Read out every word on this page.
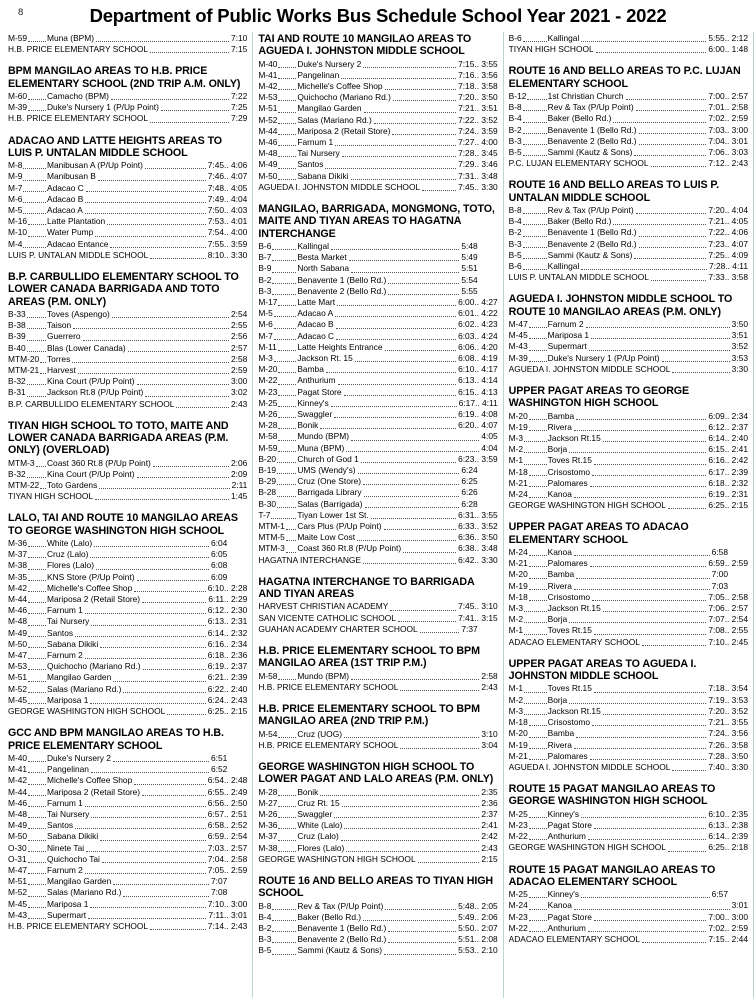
8	Department of Public Works Bus Schedule School Year 2021 - 2022
M-59 Muna (BPM)	7:10
H.B. PRICE ELEMENTARY SCHOOL	7:15
BPM MANGILAO AREAS TO H.B. PRICE ELEMENTARY SCHOOL (2ND TRIP A.M. ONLY)
M-60 Camacho (BPM)	7:22
M-39 Duke's Nursery 1 (P/Up Point)	7:25
H.B. PRICE ELEMENTARY SCHOOL	7:29
ADACAO AND LATTE HEIGHTS AREAS TO LUIS P. UNTALAN MIDDLE SCHOOL
M-8	Manibusan A (P/Up Point)	7:45.. 4:06
M-9	Manibusan B	7:46.. 4:07
M-7	Adacao C	7:48.. 4:05
M-6	Adacao B	7:49.. 4:04
M-5	Adacao A	7:50.. 4:03
M-16 Latte Plantation	7:53.. 4:01
M-10 Water Pump	7:54.. 4:00
M-4	Adacao Entance	7:55.. 3:59
LUIS P. UNTALAN MIDDLE SCHOOL	8:10.. 3:30
B.P. CARBULLIDO ELEMENTARY SCHOOL TO LOWER CANADA BARRIGADA AND TOTO AREAS (P.M. ONLY)
B-33	Toves (Aspengo)	2:54
B-38	Taison	2:55
B-39	Guerrero	2:56
B-40	Blas (Lower Canada)	2:57
MTM-20 Torres	2:58
MTM-21 Harvest	2:59
B-32	Kina Court (P/Up Point)	3:00
B-31	Jackson Rt.8 (P/Up Point)	3:02
B.P. CARBULLIDO ELEMENTARY SCHOOL	2:43
TIYAN HIGH SCHOOL TO TOTO, MAITE AND LOWER CANADA BARRIGADA AREAS (P.M. ONLY) (OVERLOAD)
MTM-3 Coast 360 Rt.8 (P/Up Point)	2:06
B-32	Kina Court (P/Up Point)	2:09
MTM-22 Toto Gardens	2:11
TIYAN HIGH SCHOOL	1:45
LALO, TAI AND ROUTE 10 MANGILAO AREAS TO GEORGE WASHINGTON HIGH SCHOOL
M-36 White (Lalo)	6:04
M-37 Cruz (Lalo)	6:05
M-38 Flores (Lalo)	6:08
M-35 KNS Store (P/Up Point)	6:09
M-42 Michelle's Coffee Shop	6:10.. 2:28
M-44 Mariposa 2 (Retail Store)	6:11.. 2:29
M-46 Farnum 1	6:12.. 2:30
M-48 Tai Nursery	6:13.. 2:31
M-49 Santos	6:14.. 2:32
M-50 Sabana Dikiki	6:16.. 2:34
M-47 Farnum 2	6:18.. 2:36
M-53 Quichocho (Mariano Rd.)	6:19.. 2:37
M-51 Mangilao Garden	6:21.. 2:39
M-52 Salas (Mariano Rd.)	6:22.. 2:40
M-45 Mariposa 1	6:24.. 2:43
GEORGE WASHINGTON HIGH SCHOOL	6:25.. 2:15
GCC AND BPM MANGILAO AREAS TO H.B. PRICE ELEMENTARY SCHOOL
M-40 Duke's Nursery 2	6:51
M-41 Pangelinan	6:52
M-42 Michelle's Coffee Shop	6:54.. 2:48
M-44 Mariposa 2 (Retail Store)	6:55.. 2:49
M-46 Farnum 1	6:56.. 2:50
M-48 Tai Nursery	6:57.. 2:51
M-49 Santos	6:58.. 2:52
M-50 Sabana Dikiki	6:59.. 2:54
O-30 Ninete Tai	7:03.. 2:57
O-31 Quichocho Tai	7:04.. 2:58
M-47 Farnum 2	7:05.. 2:59
M-51 Mangilao Garden	7:07
M-52 Salas (Mariano Rd.)	7:08
M-45 Mariposa 1	7:10.. 3:00
M-43 Supermart	7:11.. 3:01
H.B. PRICE ELEMENTARY SCHOOL	7:14.. 2:43
TAI AND ROUTE 10 MANGILAO AREAS TO AGUEDA I. JOHNSTON MIDDLE SCHOOL
M-40 Duke's Nursery 2	7:15.. 3:55
M-41 Pangelinan	7:16.. 3:56
M-42 Michelle's Coffee Shop	7:18.. 3:58
M-53 Quichocho (Mariano Rd.)	7:20.. 3:50
M-51 Mangilao Garden	7:21.. 3:51
M-52 Salas (Mariano Rd.)	7:22.. 3:52
M-44 Mariposa 2 (Retail Store)	7:24.. 3:59
M-46 Farnum 1	7:27.. 4:00
M-48 Tai Nursery	7:28.. 3:45
M-49 Santos	7:29.. 3:46
M-50 Sabana Dikiki	7:31.. 3:48
AGUEDA I. JOHNSTON MIDDLE SCHOOL	7:45.. 3:30
MANGILAO, BARRIGADA, MONGMONG, TOTO, MAITE AND TIYAN AREAS TO HAGATNA INTERCHANGE
B-6	Kallingal	5:48
B-7	Besta Market	5:49
B-9	North Sabana	5:51
B-2	Benavente 1 (Bello Rd.)	5:54
B-3	Benavente 2 (Bello Rd.)	5:55
M-17 Latte Mart	6:00.. 4:27
M-5	Adacao A	6:01.. 4:22
M-6	Adacao B	6:02.. 4:23
M-7	Adacao C	6:03.. 4:24
M-11 Latte Heights Entrance	6:06.. 4:20
M-3	Jackson Rt. 15	6:08.. 4:19
M-20 Bamba	6:10.. 4:17
M-22 Anthurium	6:13.. 4:14
M-23 Pagat Store	6:15.. 4:13
M-25 Kinney's	6:17.. 4:11
M-26 Swaggler	6:19.. 4:08
M-28 Bonik	6:20.. 4:07
M-58 Mundo (BPM)	4:05
M-59 Muna (BPM)	4:04
B-20	Church of God 1	6:23.. 3:59
B-19	UMS (Wendy's)	6:24
B-29	Cruz (One Store)	6:25
B-28	Barrigada Library	6:26
B-30	Salas (Barrigada)	6:28
T-7	Tiyan Lower 1st St.	6:31.. 3:55
MTM-1 Cars Plus (P/Up Point)	6:33.. 3:52
MTM-5 Maite Low Cost	6:36.. 3:50
MTM-3 Coast 360 Rt.8 (P/Up Point)	6:38.. 3:48
HAGATNA INTERCHANGE	6:42.. 3:30
HAGATNA INTERCHANGE TO BARRIGADA AND TIYAN AREAS
HARVEST CHRISTIAN ACADEMY	7:45.. 3:10
SAN VICENTE CATHOLIC SCHOOL	7:41.. 3:15
GUAHAN ACADEMY CHARTER SCHOOL	7:37
H.B. PRICE ELEMENTARY SCHOOL TO BPM MANGILAO AREA (1ST TRIP P.M.)
M-58 Mundo (BPM)	2:58
H.B. PRICE ELEMENTARY SCHOOL	2:43
H.B. PRICE ELEMENTARY SCHOOL TO BPM MANGILAO AREA (2ND TRIP P.M.)
M-54 Cruz (UOG)	3:10
H.B. PRICE ELEMENTARY SCHOOL	3:04
GEORGE WASHINGTON HIGH SCHOOL TO LOWER PAGAT AND LALO AREAS (P.M. ONLY)
M-28 Bonik	2:35
M-27 Cruz Rt. 15	2:36
M-26 Swaggler	2:37
M-36 White (Lalo)	2:41
M-37 Cruz (Lalo)	2:42
M-38 Flores (Lalo)	2:43
GEORGE WASHINGTON HIGH SCHOOL	2:15
ROUTE 16 AND BELLO AREAS TO TIYAN HIGH SCHOOL
B-8	Rev & Tax (P/Up Point)	5:48.. 2:05
B-4	Baker (Bello Rd.)	5:49.. 2:06
B-2	Benavente 1 (Bello Rd.)	5:50.. 2:07
B-3	Benavente 2 (Bello Rd.)	5:51.. 2:08
B-5	Sammi (Kautz & Sons)	5:53.. 2:10
B-6	Kallingal	5:55.. 2:12
TIYAN HIGH SCHOOL	6:00.. 1:48
ROUTE 16 AND BELLO AREAS TO P.C. LUJAN ELEMENTARY SCHOOL
B-12	1st Christian Church	7:00.. 2:57
B-8	Rev & Tax (P/Up Point)	7:01.. 2:58
B-4	Baker (Bello Rd.)	7:02.. 2:59
B-2	Benavente 1 (Bello Rd.)	7:03.. 3:00
B-3	Benavente 2 (Bello Rd.)	7:04.. 3:01
B-5	Sammi (Kautz & Sons)	7:06.. 3:03
P.C. LUJAN ELEMENTARY SCHOOL	7:12.. 2:43
ROUTE 16 AND BELLO AREAS TO LUIS P. UNTALAN MIDDLE SCHOOL
B-8	Rev & Tax (P/Up Point)	7:20.. 4:04
B-4	Baker (Bello Rd.)	7:21.. 4:05
B-2	Benavente 1 (Bello Rd.)	7:22.. 4:06
B-3	Benavente 2 (Bello Rd.)	7:23.. 4:07
B-5	Sammi (Kautz & Sons)	7:25.. 4:09
B-6	Kallingal	7:28.. 4:11
LUIS P. UNTALAN MIDDLE SCHOOL	7:33.. 3:58
AGUEDA I. JOHNSTON MIDDLE SCHOOL TO ROUTE 10 MANGILAO AREAS (P.M. ONLY)
M-47 Farnum 2	3:50
M-45 Mariposa 1	3:51
M-43 Supermart	3:52
M-39 Duke's Nursery 1 (P/Up Point)	3:53
AGUEDA I. JOHNSTON MIDDLE SCHOOL	3:30
UPPER PAGAT AREAS TO GEORGE WASHINGTON HIGH SCHOOL
M-20 Bamba	6:09.. 2:34
M-19 Rivera	6:12.. 2:37
M-3	Jackson Rt.15	6:14.. 2:40
M-2	Borja	6:15.. 2:41
M-1	Toves Rt.15	6:16.. 2:42
M-18 Crisostomo	6:17.. 2:39
M-21 Palomares	6:18.. 2:32
M-24 Kanoa	6:19.. 2:31
GEORGE WASHINGTON HIGH SCHOOL	6:25.. 2:15
UPPER PAGAT AREAS TO ADACAO ELEMENTARY SCHOOL
M-24 Kanoa	6:58
M-21 Palomares	6:59.. 2:59
M-20 Bamba	7:00
M-19 Rivera	7:03
M-18 Crisostomo	7:05.. 2:58
M-3	Jackson Rt.15	7:06.. 2:57
M-2	Borja	7:07.. 2:54
M-1	Toves Rt.15	7:08.. 2:55
ADACAO ELEMENTARY SCHOOL	7:10.. 2:45
UPPER PAGAT AREAS TO AGUEDA I. JOHNSTON MIDDLE SCHOOL
M-1	Toves Rt.15	7:18.. 3:54
M-2	Borja	7:19.. 3:53
M-3	Jackson Rt.15	7:20.. 3:52
M-18 Crisostomo	7:21.. 3:55
M-20 Bamba	7:24.. 3:56
M-19 Rivera	7:26.. 3:58
M-21 Palomares	7:28.. 3:50
AGUEDA I. JOHNSTON MIDDLE SCHOOL	7:40.. 3:30
ROUTE 15 PAGAT MANGILAO AREAS TO GEORGE WASHINGTON HIGH SCHOOL
M-25 Kinney's	6:10.. 2:35
M-23 Pagat Store	6:13.. 2:38
M-22 Anthurium	6:14.. 2:39
GEORGE WASHINGTON HIGH SCHOOL	6:25.. 2:18
ROUTE 15 PAGAT MANGILAO AREAS TO ADACAO ELEMENTARY SCHOOL
M-25 Kinney's	6:57
M-24 Kanoa	3:01
M-23 Pagat Store	7:00.. 3:00
M-22 Anthurium	7:02.. 2:59
ADACAO ELEMENTARY SCHOOL	7:15.. 2:44
